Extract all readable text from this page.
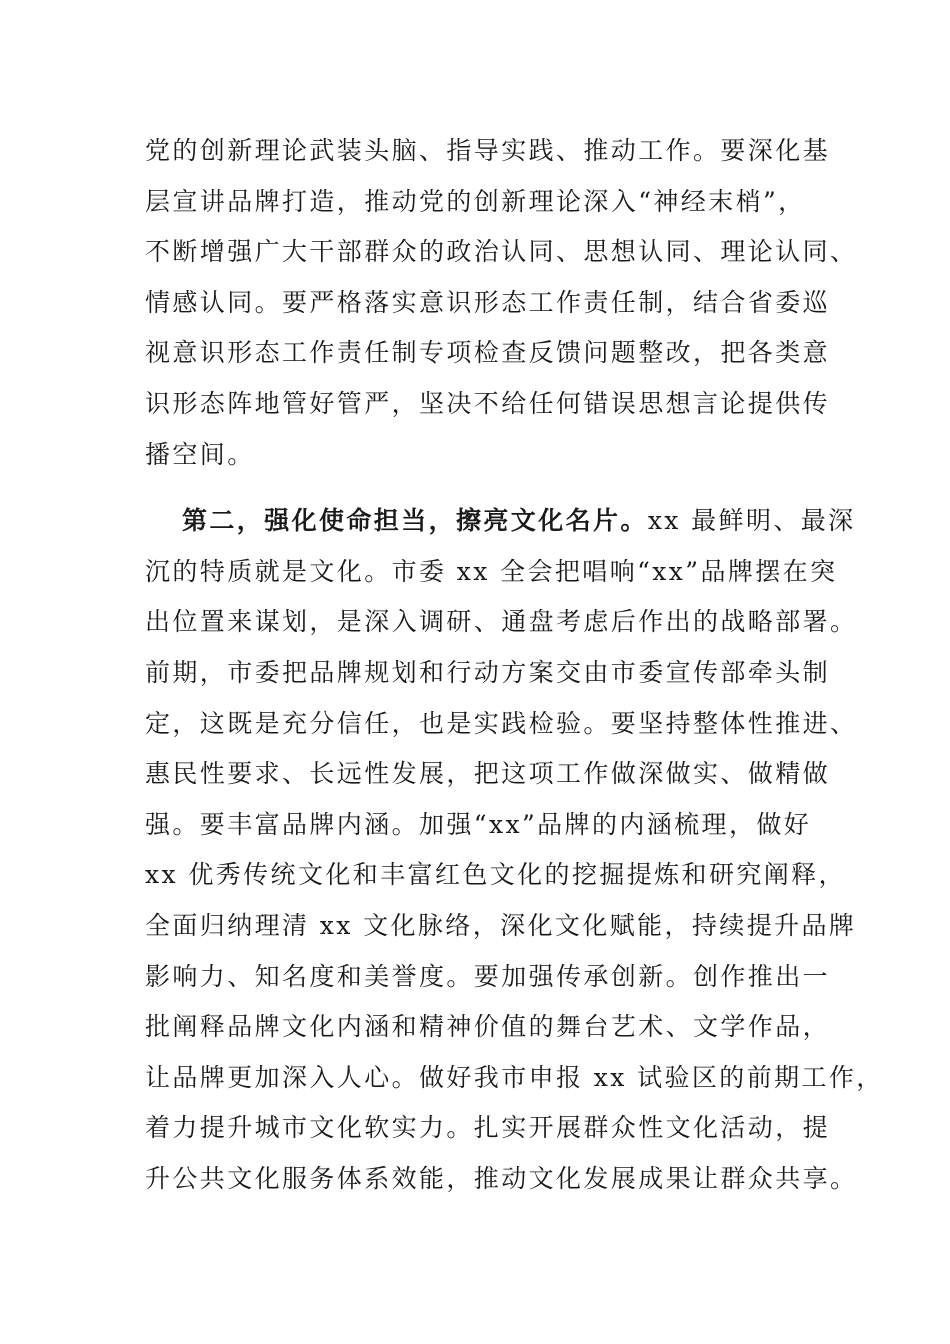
党的创新理论武装头脑、指导实践、推动工作。要深化基
层宣讲品牌打造，推动党的创新理论深入“神经末梢”，
不断增强广大干部群众的政治认同、思想认同、理论认同、
情感认同。要严格落实意识形态工作责任制，结合省委巡
视意识形态工作责任制专项检查反馈问题整改，把各类意
识形态阵地管好管严，坚决不给任何错误思想言论提供传
播空间。
第二，强化使命担当，擦亮文化名片。xx 最鲜明、最深
沉的特质就是文化。市委 xx 全会把唱响“xx”品牌摆在突
出位置来谋划，是深入调研、通盘考虑后作出的战略部署。
前期，市委把品牌规划和行动方案交由市委宣传部牵头制
定，这既是充分信任，也是实践检验。要坚持整体性推进、
惠民性要求、长远性发展，把这项工作做深做实、做精做
强。要丰富品牌内涵。加强“xx”品牌的内涵梳理，做好
xx 优秀传统文化和丰富红色文化的挖掘提炼和研究阐释，
全面归纳理清 xx 文化脉络，深化文化赋能，持续提升品牌
影响力、知名度和美誉度。要加强传承创新。创作推出一
批阐释品牌文化内涵和精神价值的舞台艺术、文学作品，
让品牌更加深入人心。做好我市申报 xx 试验区的前期工作，
着力提升城市文化软实力。扎实开展群众性文化活动，提
升公共文化服务体系效能，推动文化发展成果让群众共享。
